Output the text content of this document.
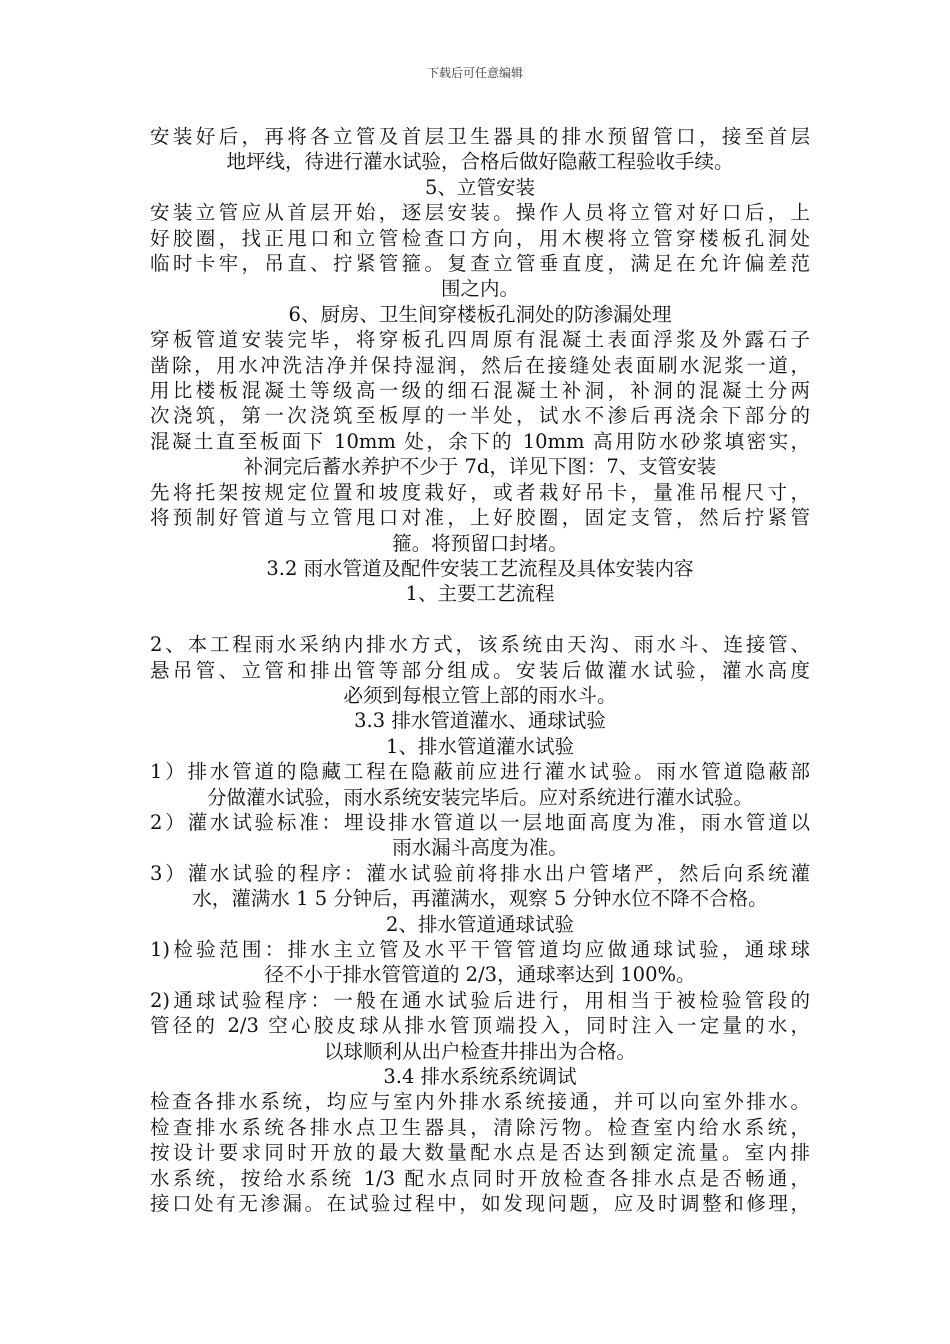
下载后可任意编辑
安装好后，再将各立管及首层卫生器具的排水预留管口，接至首层
地坪线，待进行灌水试验，合格后做好隐蔽工程验收手续。
5、立管安装
安装立管应从首层开始，逐层安装。操作人员将立管对好口后，上
好胶圈，找正甩口和立管检查口方向，用木楔将立管穿楼板孔洞处
临时卡牢，吊直、拧紧管箍。复查立管垂直度，满足在允许偏差范
围之内。
6、厨房、卫生间穿楼板孔洞处的防渗漏处理
穿板管道安装完毕，将穿板孔四周原有混凝土表面浮浆及外露石子
凿除，用水冲洗洁净并保持湿润，然后在接缝处表面刷水泥浆一道，
用比楼板混凝土等级高一级的细石混凝土补洞，补洞的混凝土分两
次浇筑，第一次浇筑至板厚的一半处，试水不渗后再浇余下部分的
混凝土直至板面下 10mm 处，余下的 10mm 高用防水砂浆填密实，
补洞完后蓄水养护不少于 7d，详见下图：7、支管安装
先将托架按规定位置和坡度栽好，或者栽好吊卡，量准吊棍尺寸，
将预制好管道与立管甩口对准，上好胶圈，固定支管，然后拧紧管
箍。将预留口封堵。
3.2 雨水管道及配件安装工艺流程及具体安装内容
1、主要工艺流程
2、本工程雨水采纳内排水方式，该系统由天沟、雨水斗、连接管、
悬吊管、立管和排出管等部分组成。安装后做灌水试验，灌水高度
必须到每根立管上部的雨水斗。
3.3 排水管道灌水、通球试验
1、排水管道灌水试验
1）排水管道的隐藏工程在隐蔽前应进行灌水试验。雨水管道隐蔽部
分做灌水试验，雨水系统安装完毕后。应对系统进行灌水试验。
2）灌水试验标准：埋设排水管道以一层地面高度为准，雨水管道以
雨水漏斗高度为准。
3）灌水试验的程序：灌水试验前将排水出户管堵严，然后向系统灌
水，灌满水 1 5 分钟后，再灌满水，观察 5 分钟水位不降不合格。
2、排水管道通球试验
1)检验范围：排水主立管及水平干管管道均应做通球试验，通球球
径不小于排水管管道的 2/3，通球率达到 100%。
2)通球试验程序：一般在通水试验后进行，用相当于被检验管段的
管径的 2/3 空心胶皮球从排水管顶端投入，同时注入一定量的水，
以球顺利从出户检查井排出为合格。
3.4 排水系统系统调试
检查各排水系统，均应与室内外排水系统接通，并可以向室外排水。
检查排水系统各排水点卫生器具，清除污物。检查室内给水系统，
按设计要求同时开放的最大数量配水点是否达到额定流量。室内排
水系统，按给水系统 1/3 配水点同时开放检查各排水点是否畅通，
接口处有无渗漏。在试验过程中，如发现问题，应及时调整和修理，
